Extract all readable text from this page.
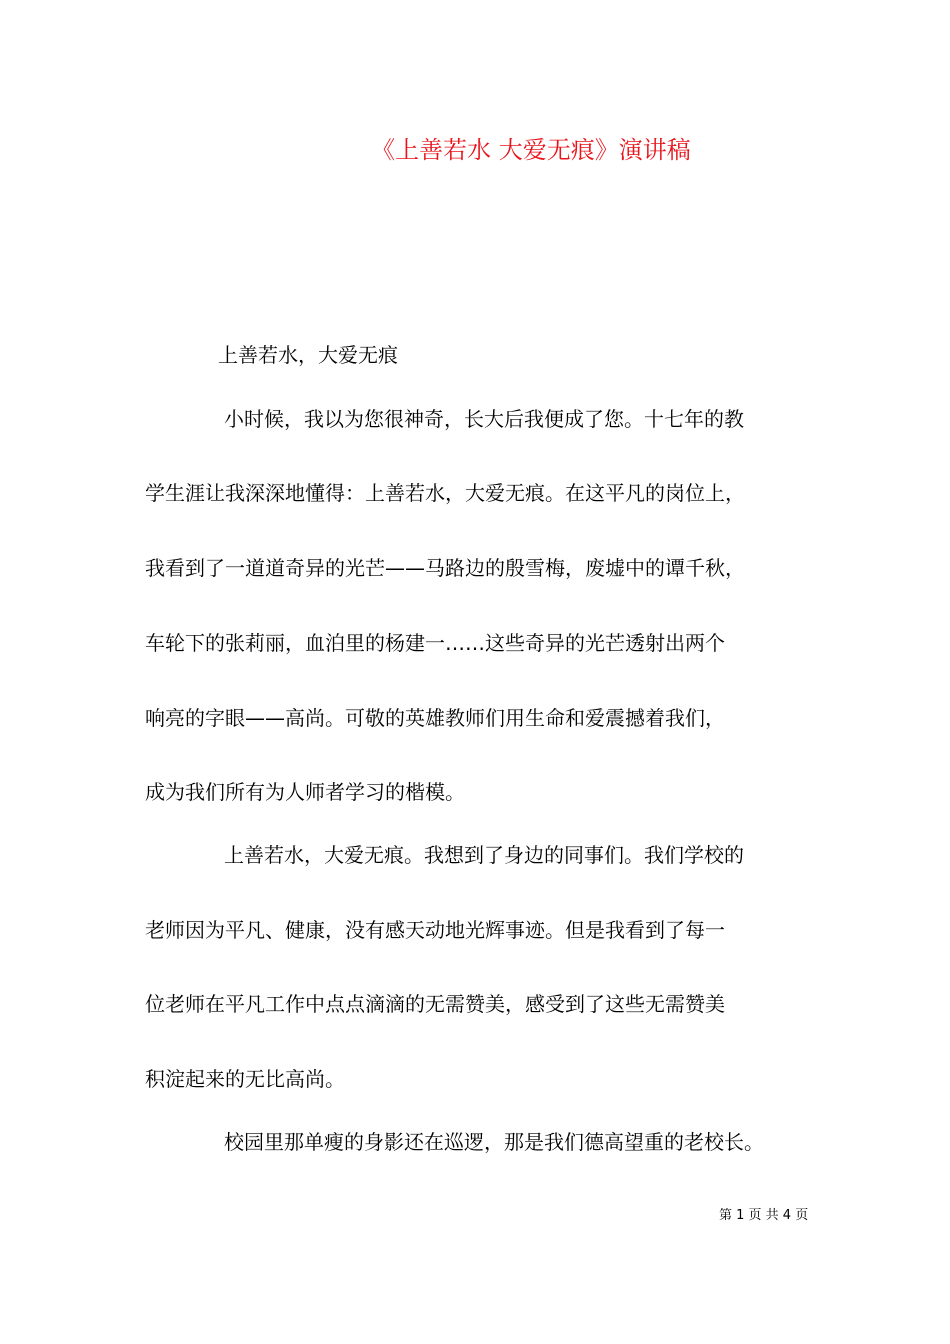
《上善若水 大爱无痕》演讲稿
上善若水，大爱无痕
小时候，我以为您很神奇，长大后我便成了您。十七年的教
学生涯让我深深地懂得：上善若水，大爱无痕。在这平凡的岗位上，
我看到了一道道奇异的光芒——马路边的殷雪梅，废墟中的谭千秋，
车轮下的张莉丽，血泊里的杨建一……这些奇异的光芒透射出两个
响亮的字眼——高尚。可敬的英雄教师们用生命和爱震撼着我们，
成为我们所有为人师者学习的楷模。
上善若水，大爱无痕。我想到了身边的同事们。我们学校的
老师因为平凡、健康，没有感天动地光辉事迹。但是我看到了每一
位老师在平凡工作中点点滴滴的无需赞美，感受到了这些无需赞美
积淀起来的无比高尚。
校园里那单瘦的身影还在巡逻，那是我们德高望重的老校长。
第 1 页 共 4 页
